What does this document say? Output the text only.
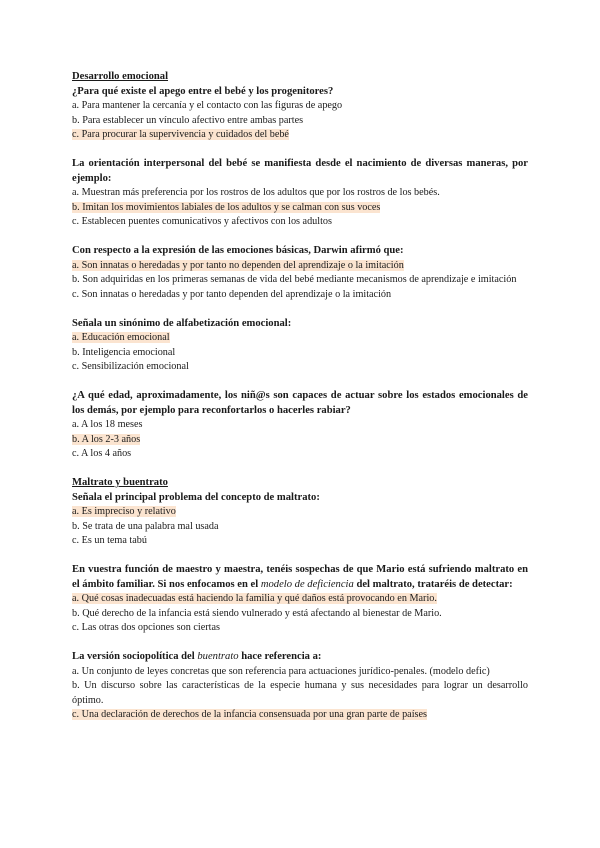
Desarrollo emocional
¿Para qué existe el apego entre el bebé y los progenitores?
a. Para mantener la cercanía y el contacto con las figuras de apego
b. Para establecer un vínculo afectivo entre ambas partes
c. Para procurar la supervivencia y cuidados del bebé
La orientación interpersonal del bebé se manifiesta desde el nacimiento de diversas maneras, por ejemplo:
a. Muestran más preferencia por los rostros de los adultos que por los rostros de los bebés.
b. Imitan los movimientos labiales de los adultos y se calman con sus voces
c. Establecen puentes comunicativos y afectivos con los adultos
Con respecto a la expresión de las emociones básicas, Darwin afirmó que:
a. Son innatas o heredadas y por tanto no dependen del aprendizaje o la imitación
b. Son adquiridas en los primeras semanas de vida del bebé mediante mecanismos de aprendizaje e imitación
c. Son innatas o heredadas y por tanto dependen del aprendizaje o la imitación
Señala un sinónimo de alfabetización emocional:
a. Educación emocional
b. Inteligencia emocional
c. Sensibilización emocional
¿A qué edad, aproximadamente, los niñ@s son capaces de actuar sobre los estados emocionales de los demás, por ejemplo para reconfortarlos o hacerles rabiar?
a. A los 18 meses
b. A los 2-3 años
c. A los 4 años
Maltrato y buentrato
Señala el principal problema del concepto de maltrato:
a. Es impreciso y relativo
b. Se trata de una palabra mal usada
c. Es un tema tabú
En vuestra función de maestro y maestra, tenéis sospechas de que Mario está sufriendo maltrato en el ámbito familiar. Si nos enfocamos en el modelo de deficiencia del maltrato, trataréis de detectar:
a. Qué cosas inadecuadas está haciendo la familia y qué daños está provocando en Mario.
b. Qué derecho de la infancia está siendo vulnerado y está afectando al bienestar de Mario.
c. Las otras dos opciones son ciertas
La versión sociopolítica del buentrato hace referencia a:
a. Un conjunto de leyes concretas que son referencia para actuaciones jurídico-penales. (modelo defic)
b. Un discurso sobre las características de la especie humana y sus necesidades para lograr un desarrollo óptimo.
c. Una declaración de derechos de la infancia consensuada por una gran parte de países
